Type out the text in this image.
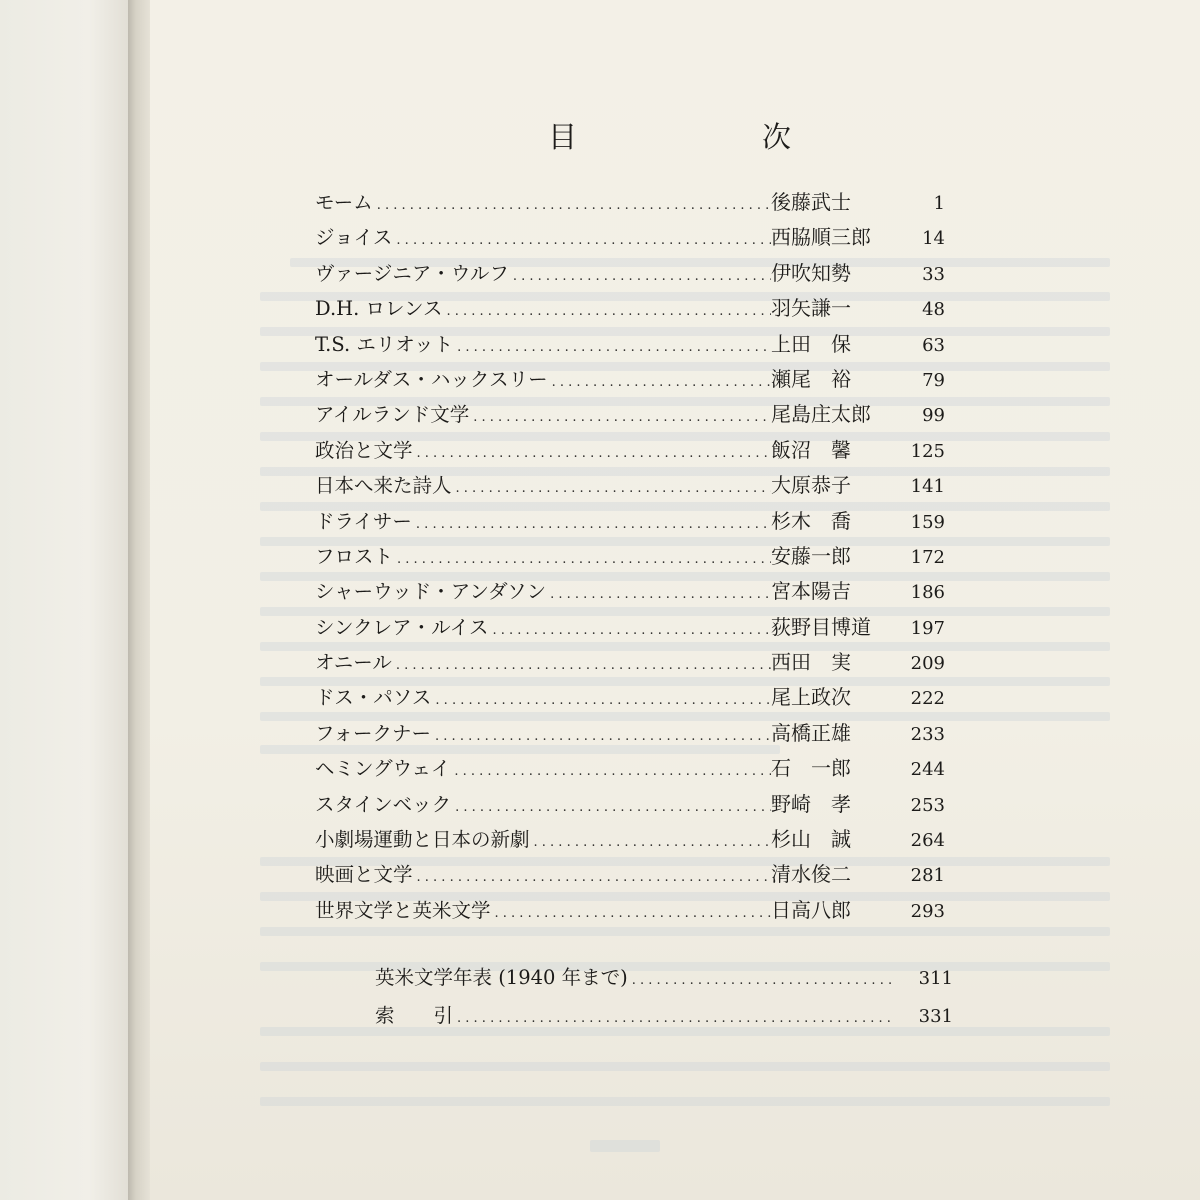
目　次
モーム . . .	後藤武士	1
ジョイス . . .	西脇順三郎	14
ヴァージニア・ウルフ . . .	伊吹知勢	33
D.H. ロレンス . . .	羽矢謙一	48
T.S. エリオット . . .	上田　保	63
オールダス・ハックスリー . . .	瀬尾　裕	79
アイルランド文学 . . .	尾島庄太郎	99
政治と文学 . . .	飯沼　馨	125
日本へ来た詩人 . . .	大原恭子	141
ドライサー . . .	杉木　喬	159
フロスト . . .	安藤一郎	172
シャーウッド・アンダソン . . .	宮本陽吉	186
シンクレア・ルイス . . .	荻野目博道	197
オニール . . .	西田　実	209
ドス・パソス . . .	尾上政次	222
フォークナー . . .	高橋正雄	233
ヘミングウェイ . . .	石　一郎	244
スタインベック . . .	野崎　孝	253
小劇場運動と日本の新劇 . . .	杉山　誠	264
映画と文学 . . .	清水俊二	281
世界文学と英米文学 . . .	日高八郎	293
英米文学年表 (1940 年まで) . . .	311
索　　引 . . .	331
